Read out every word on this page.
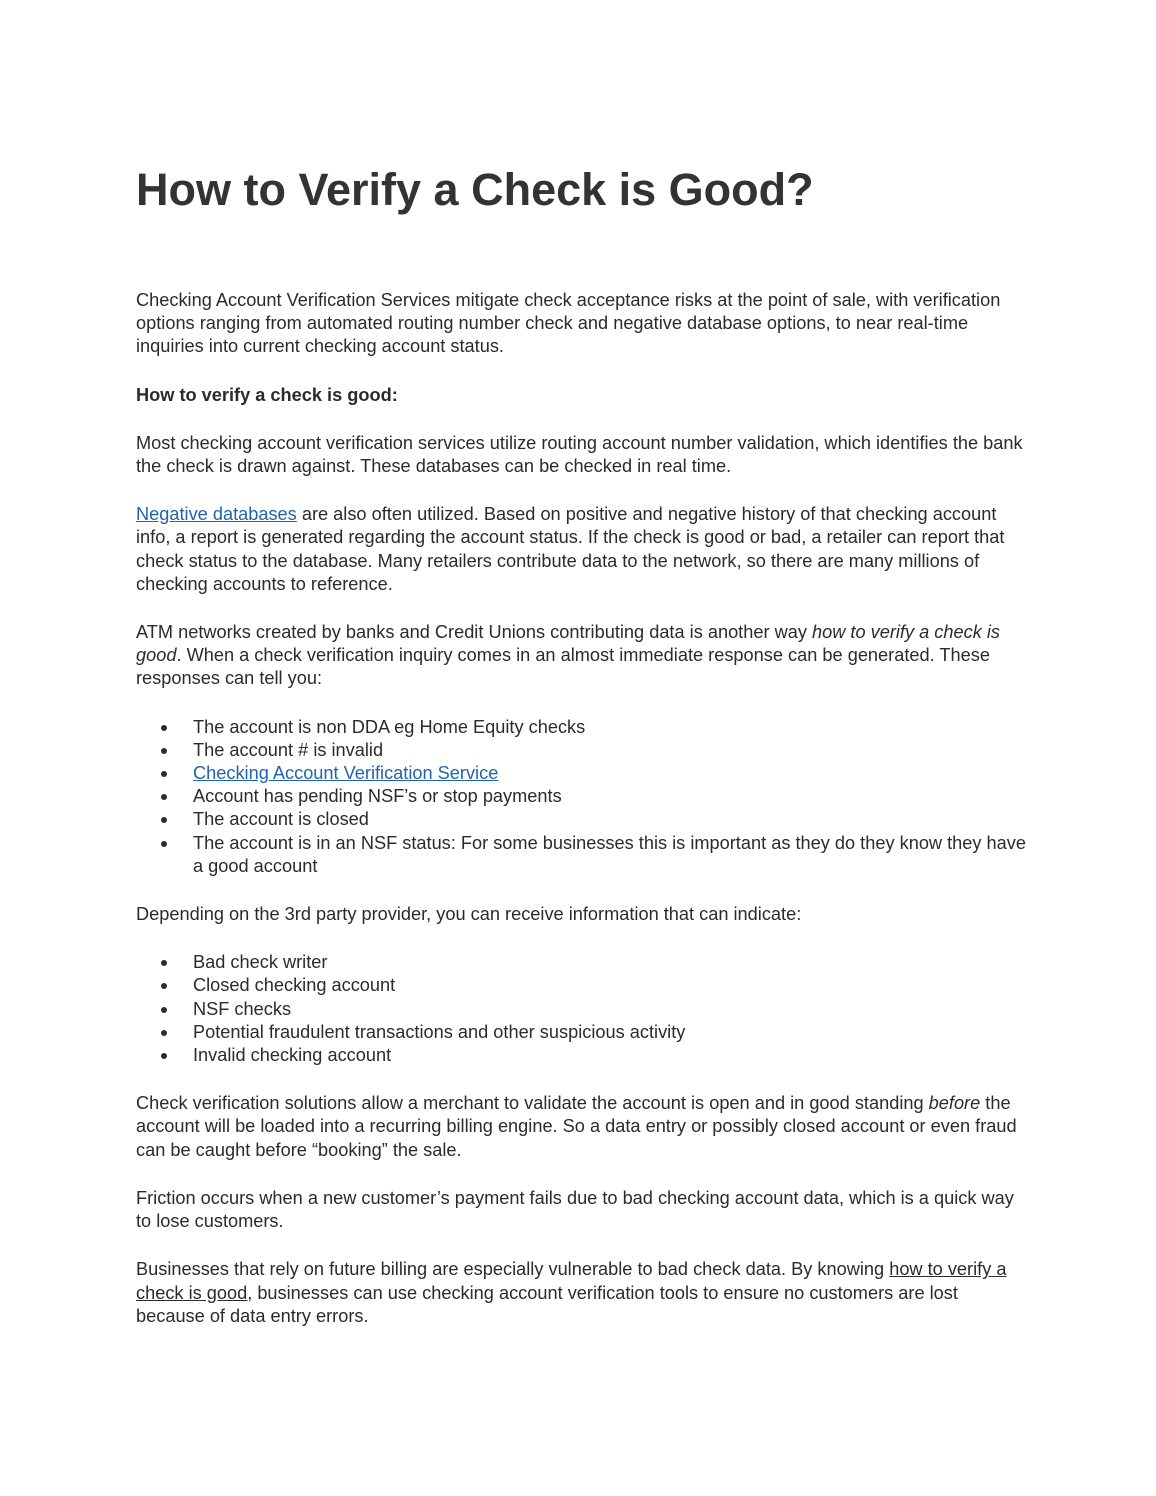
How to Verify a Check is Good?

Checking Account Verification Services mitigate check acceptance risks at the point of sale, with verification options ranging from automated routing number check and negative database options, to near real-time inquiries into current checking account status.

How to verify a check is good:

Most checking account verification services utilize routing account number validation, which identifies the bank the check is drawn against. These databases can be checked in real time.

Negative databases are also often utilized. Based on positive and negative history of that checking account info, a report is generated regarding the account status. If the check is good or bad, a retailer can report that check status to the database. Many retailers contribute data to the network, so there are many millions of checking accounts to reference.

ATM networks created by banks and Credit Unions contributing data is another way how to verify a check is good. When a check verification inquiry comes in an almost immediate response can be generated. These responses can tell you:

The account is non DDA eg Home Equity checks
The account # is invalid
Checking Account Verification Service
Account has pending NSF’s or stop payments
The account is closed
The account is in an NSF status: For some businesses this is important as they do they know they have a good account

Depending on the 3rd party provider, you can receive information that can indicate:

Bad check writer
Closed checking account
NSF checks
Potential fraudulent transactions and other suspicious activity
Invalid checking account

Check verification solutions allow a merchant to validate the account is open and in good standing before the account will be loaded into a recurring billing engine. So a data entry or possibly closed account or even fraud can be caught before “booking” the sale.

Friction occurs when a new customer’s payment fails due to bad checking account data, which is a quick way to lose customers.

Businesses that rely on future billing are especially vulnerable to bad check data. By knowing how to verify a check is good, businesses can use checking account verification tools to ensure no customers are lost because of data entry errors.
